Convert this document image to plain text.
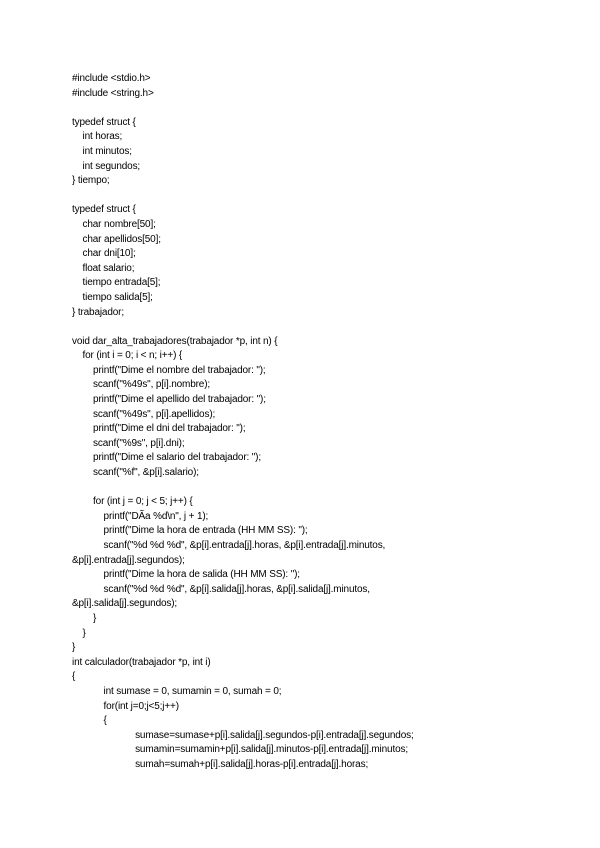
#include <stdio.h>
#include <string.h>
typedef struct {
int horas;
int minutos;
int segundos;
} tiempo;
typedef struct {
char nombre[50];
char apellidos[50];
char dni[10];
float salario;
tiempo entrada[5];
tiempo salida[5];
} trabajador;
void dar_alta_trabajadores(trabajador *p, int n) {
for (int i = 0; i < n; i++) {
printf("Dime el nombre del trabajador: ");
scanf("%49s", p[i].nombre);
printf("Dime el apellido del trabajador: ");
scanf("%49s", p[i].apellidos);
printf("Dime el dni del trabajador: ");
scanf("%9s", p[i].dni);
printf("Dime el salario del trabajador: ");
scanf("%f", &p[i].salario);
for (int j = 0; j < 5; j++) {
printf("DÃa %d\n", j + 1);
printf("Dime la hora de entrada (HH MM SS): ");
scanf("%d %d %d", &p[i].entrada[j].horas, &p[i].entrada[j].minutos,
&p[i].entrada[j].segundos);
printf("Dime la hora de salida (HH MM SS): ");
scanf("%d %d %d", &p[i].salida[j].horas, &p[i].salida[j].minutos,
&p[i].salida[j].segundos);
}
}
}
int calculador(trabajador *p, int i)
{
int sumase = 0, sumamin = 0, sumah = 0;
for(int j=0;j<5;j++)
{
sumase=sumase+p[i].salida[j].segundos-p[i].entrada[j].segundos;
sumamin=sumamin+p[i].salida[j].minutos-p[i].entrada[j].minutos;
sumah=sumah+p[i].salida[j].horas-p[i].entrada[j].horas;
